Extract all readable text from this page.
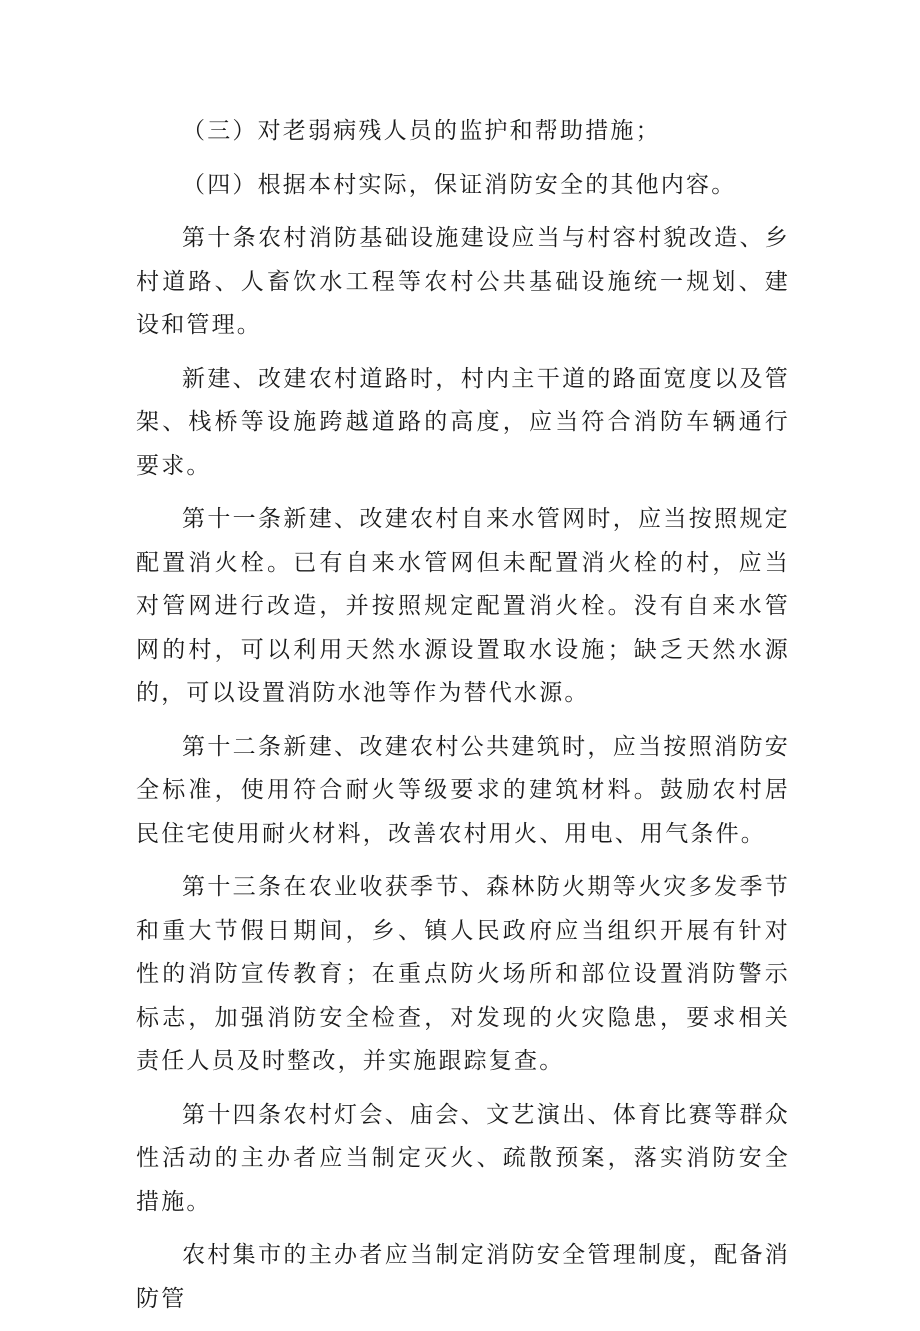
（三）对老弱病残人员的监护和帮助措施；

（四）根据本村实际，保证消防安全的其他内容。

第十条农村消防基础设施建设应当与村容村貌改造、乡村道路、人畜饮水工程等农村公共基础设施统一规划、建设和管理。

新建、改建农村道路时，村内主干道的路面宽度以及管架、栈桥等设施跨越道路的高度，应当符合消防车辆通行要求。

第十一条新建、改建农村自来水管网时，应当按照规定配置消火栓。已有自来水管网但未配置消火栓的村，应当对管网进行改造，并按照规定配置消火栓。没有自来水管网的村，可以利用天然水源设置取水设施；缺乏天然水源的，可以设置消防水池等作为替代水源。

第十二条新建、改建农村公共建筑时，应当按照消防安全标准，使用符合耐火等级要求的建筑材料。鼓励农村居民住宅使用耐火材料，改善农村用火、用电、用气条件。

第十三条在农业收获季节、森林防火期等火灾多发季节和重大节假日期间，乡、镇人民政府应当组织开展有针对性的消防宣传教育；在重点防火场所和部位设置消防警示标志，加强消防安全检查，对发现的火灾隐患，要求相关责任人员及时整改，并实施跟踪复查。

第十四条农村灯会、庙会、文艺演出、体育比赛等群众性活动的主办者应当制定灭火、疏散预案，落实消防安全措施。

农村集市的主办者应当制定消防安全管理制度，配备消防管
